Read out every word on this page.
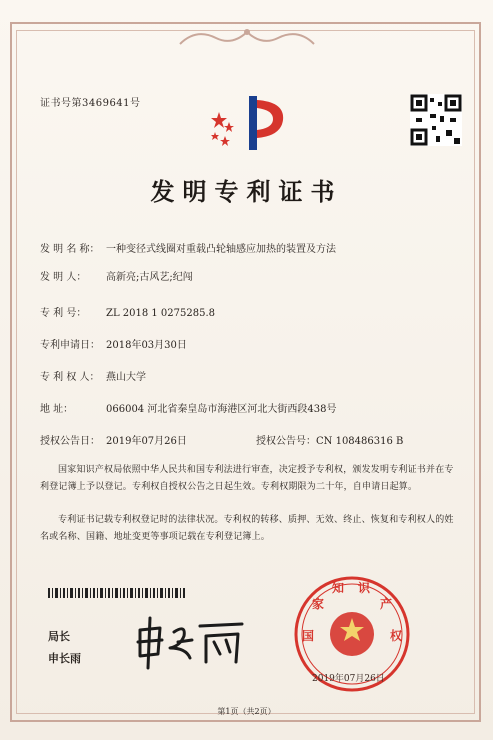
证书号第3469641号
发明专利证书
发 明 名 称： 一种变径式线圈对重载凸轮轴感应加热的装置及方法
发 明 人： 高新亮;古风艺;纪闯
专 利 号： ZL 2018 1 0275285.8
专利申请日： 2018年03月30日
专 利 权 人： 燕山大学
地 址：	066004 河北省秦皇岛市海港区河北大街西段438号
授权公告日： 2019年07月26日	授权公告号：CN 108486316 B
国家知识产权局依照中华人民共和国专利法进行审查，决定授予专利权，颁发发明专利证书并在专利登记簿上予以登记。专利权自授权公告之日起生效。专利权期限为二十年，自申请日起算。
专利证书记载专利权登记时的法律状况。专利权的转移、质押、无效、终止、恢复和专利权人的姓名或名称、国籍、地址变更等事项记载在专利登记簿上。
局长
申长雨
国
家
知 识
产
权
2019年07月26日
第1页（共2页）
